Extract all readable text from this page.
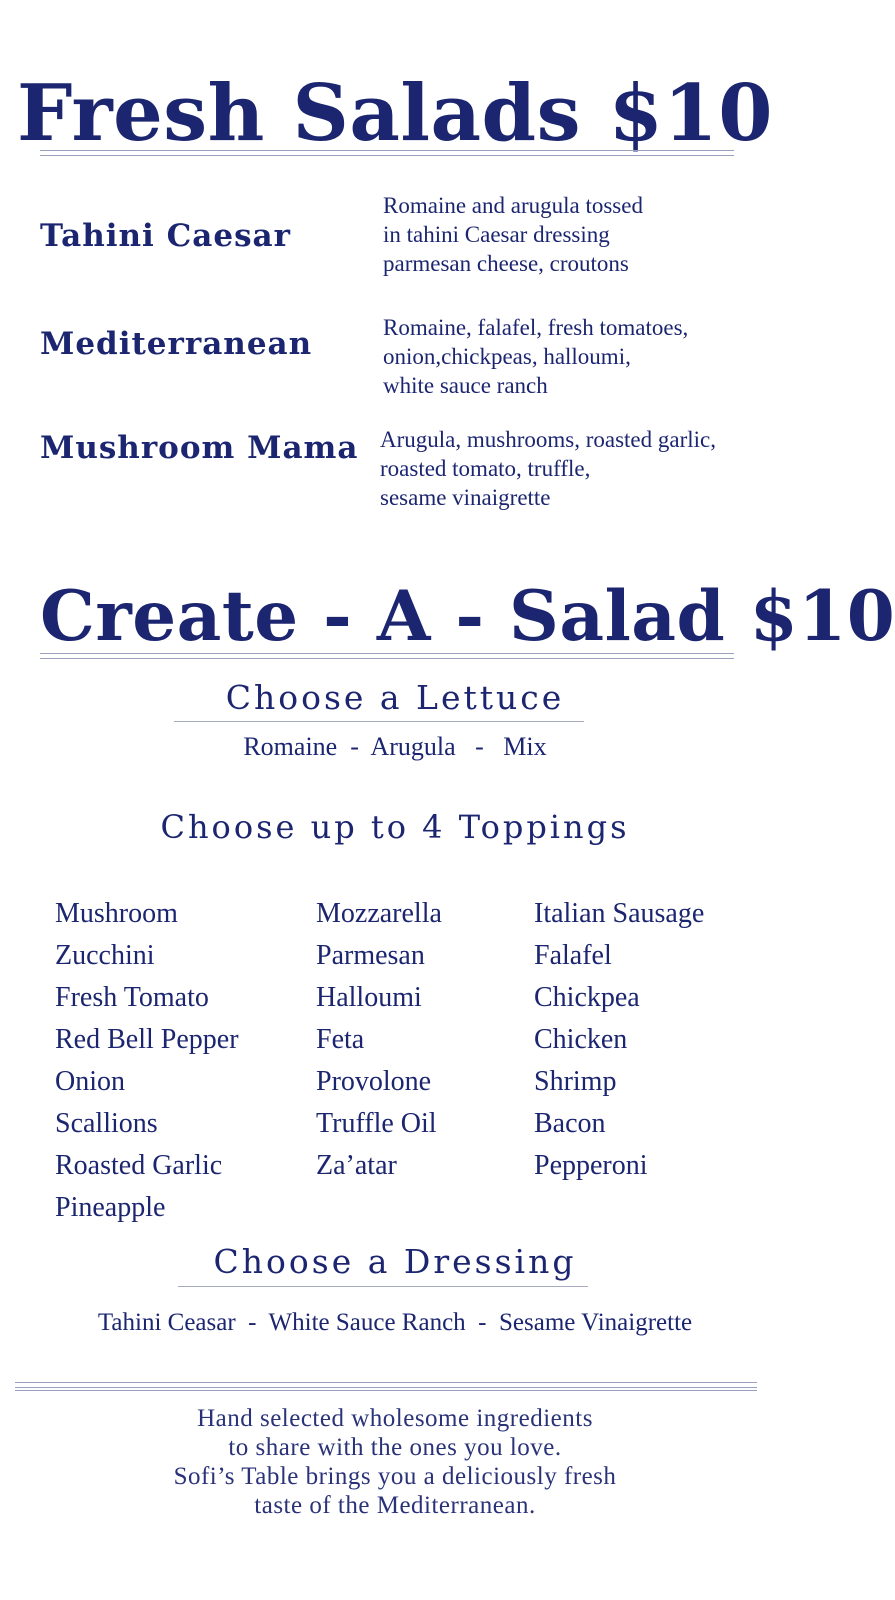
Fresh Salads $10
Tahini Caesar
Romaine and arugula tossed
in tahini Caesar dressing
parmesan cheese, croutons
Mediterranean	Romaine, falafel, fresh tomatoes,
onion,chickpeas, halloumi,
white sauce ranch
Mushroom Mama Arugula, mushrooms, roasted garlic,
roasted tomato, truffle,
sesame vinaigrette
Create - A - Salad $10
Choose a Lettuce
Romaine  -  Arugula   -   Mix
Choose up to 4 Toppings
Mushroom
Zucchini
Fresh Tomato
Red Bell Pepper
Onion
Scallions
Roasted Garlic
Pineapple
Mozzarella
Parmesan
Halloumi
Feta
Provolone
Truffle Oil
Za’atar
Italian Sausage
Falafel
Chickpea
Chicken
Shrimp
Bacon
Pepperoni
Choose a Dressing
Tahini Ceasar  -  White Sauce Ranch  -  Sesame Vinaigrette
Hand selected wholesome ingredients
to share with the ones you love.
Sofi’s Table brings you a deliciously fresh
taste of the Mediterranean.
